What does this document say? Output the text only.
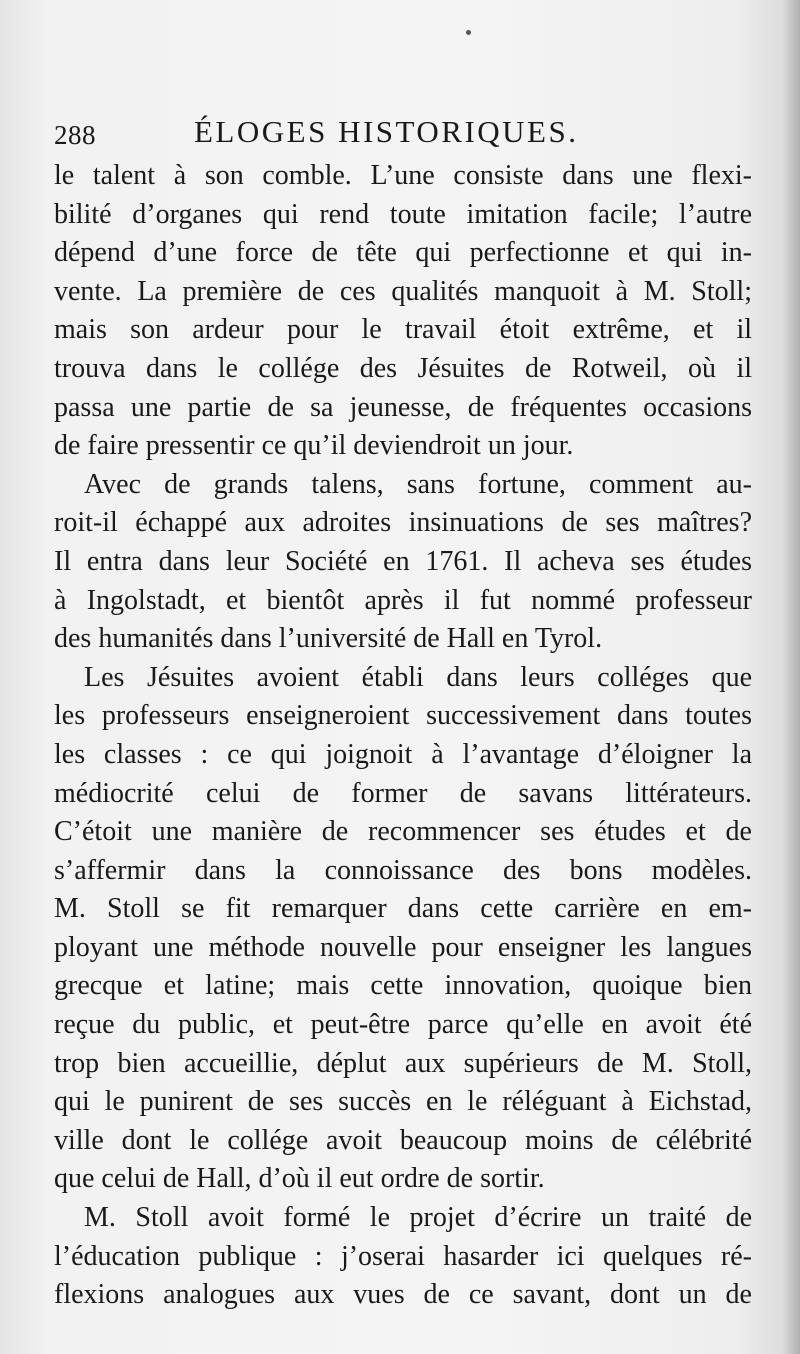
288	ÉLOGES HISTORIQUES.
le talent à son comble. L’une consiste dans une flexi-
bilité d’organes qui rend toute imitation facile; l’autre
dépend d’une force de tête qui perfectionne et qui in-
vente. La première de ces qualités manquoit à M. Stoll;
mais son ardeur pour le travail étoit extrême, et il
trouva dans le collége des Jésuites de Rotweil, où il
passa une partie de sa jeunesse, de fréquentes occasions
de faire pressentir ce qu’il deviendroit un jour.
Avec de grands talens, sans fortune, comment au-
roit-il échappé aux adroites insinuations de ses maîtres?
Il entra dans leur Société en 1761. Il acheva ses études
à Ingolstadt, et bientôt après il fut nommé professeur
des humanités dans l’université de Hall en Tyrol.
Les Jésuites avoient établi dans leurs colléges que
les professeurs enseigneroient successivement dans toutes
les classes : ce qui joignoit à l’avantage d’éloigner la
médiocrité celui de former de savans littérateurs.
C’étoit une manière de recommencer ses études et de
s’affermir dans la connoissance des bons modèles.
M. Stoll se fit remarquer dans cette carrière en em-
ployant une méthode nouvelle pour enseigner les langues
grecque et latine; mais cette innovation, quoique bien
reçue du public, et peut-être parce qu’elle en avoit été
trop bien accueillie, déplut aux supérieurs de M. Stoll,
qui le punirent de ses succès en le réléguant à Eichstad,
ville dont le collége avoit beaucoup moins de célébrité
que celui de Hall, d’où il eut ordre de sortir.
M. Stoll avoit formé le projet d’écrire un traité de
l’éducation publique : j’oserai hasarder ici quelques ré-
flexions analogues aux vues de ce savant, dont un de
